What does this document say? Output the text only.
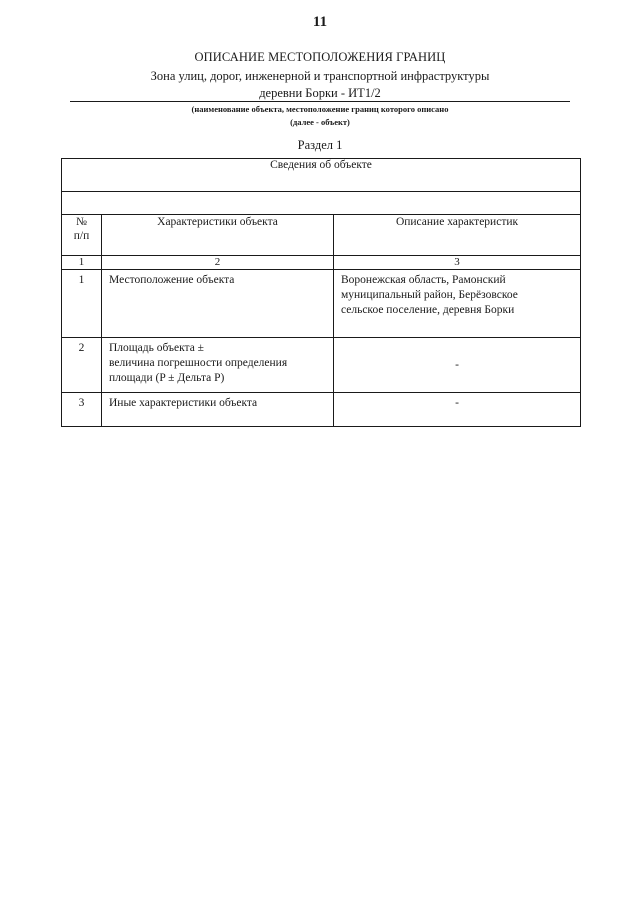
11
ОПИСАНИЕ МЕСТОПОЛОЖЕНИЯ ГРАНИЦ
Зона улиц, дорог, инженерной и транспортной инфраструктуры
деревни Борки - ИТ1/2
(наименование объекта, местоположение границ которого описано
(далее - объект)
Раздел 1
Сведения об объекте		

№
п/п	Характеристики объекта	Описание характеристик
1	2	3
1	Местоположение объекта	Воронежская область, Рамонский
муниципальный район, Берёзовское
сельское поселение, деревня Борки

2	Площадь объекта ±
величина погрешности определения
площади (P ± Дельта P)	-
3	Иные характеристики объекта	-
